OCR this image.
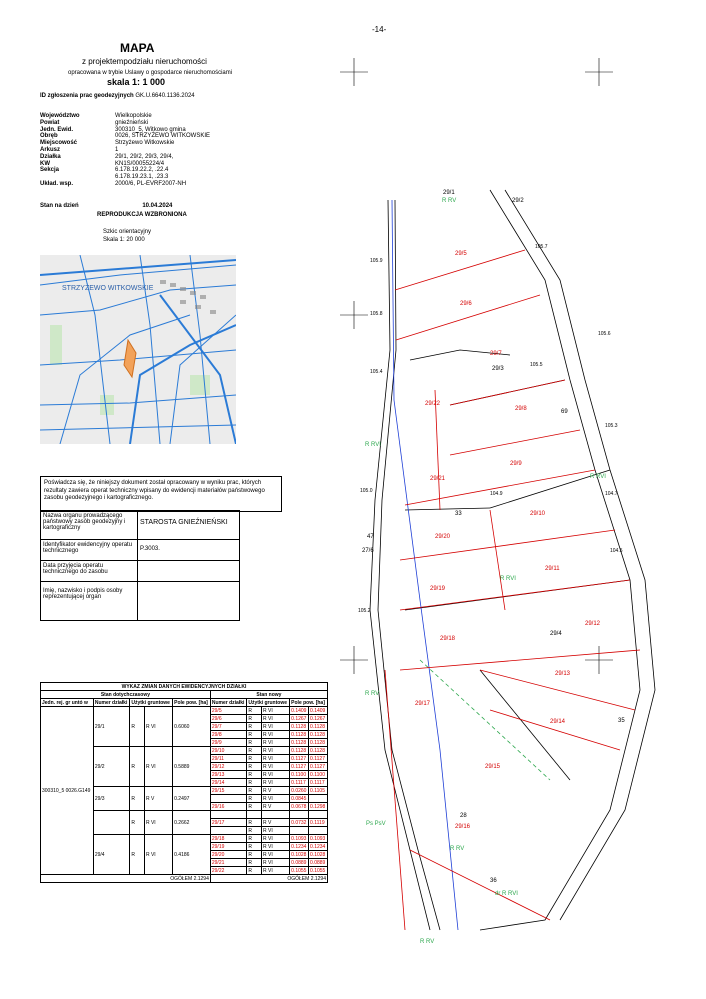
-14-
MAPA
z projektempodziału nieruchomości
opracowana w trybie Uslawy o gospodarce nieruchomościami
skala 1: 1 000
ID zgłoszenia prac geodezyjnych GK.U.6640.1136.2024
Województwo	Wielkopolskie
Powiat	gnieźnieński
Jedn. Ewid.	300310_5, Witkowo gmina
Obręb	0026, STRZYŻEWO WITKOWSKIE
Miejscowość	Strzyżewo Witkowskie
Arkusz	1
Działka	29/1, 29/2, 29/3, 29/4,
KW	KN1S/00055224/4
Sekcja	6.178.19.22.2, .22.4
6.178.19.23.1, .23.3
Układ. wsp.	2000/6, PL-EVRF2007-NH
Stan na dzień	10.04.2024
REPRODUKCJA WZBRONIONA
Szkic orientacyjny
Skala 1: 20 000
STRZYŻEWO WITKOWSKIE
Poświadcza się, że niniejszy dokument został opracowany w wyniku prac, których rezultaty zawiera operat techniczny wpisany do ewidencji materiałów państwowego zasobu geodezyjnego i kartograficznego.
Nazwa organu prowadzącego państwowy zasób geodezyjny i kartograficzny
STAROSTA GNIEŹNIEŃSKI
Identyfikator ewidencyjny operatu technicznego	P.3003.
Data przyjęcia operatu technicznego do zasobu
Imię, nazwisko i podpis osoby reprezentującej organ
WYKAZ ZMIAN DANYCH EWIDENCYJNYCH DZIAŁKI									
Stan dotychczasowy					Stan nowy				
Jedn. rej. gr untó w	Numer działki	Użytki gruntowe		Pole pow. [ha]	Numer działki	Użytki gruntowe		Pole pow. [ha]	
300310_5 0026.G149	29/1	R	R VI	0.6060	29/5	R	R VI	0.1409	0.1409
					29/6	R	R VI	0.1267	0.1267
					29/7	R	R VI	0.1128	0.1128
					29/8	R	R VI	0.1128	0.1128
					29/9	R	R VI	0.1128	0.1128
	29/2	R	R VI	0.5889	29/10	R	R VI	0.1128	0.1128
					29/11	R	R VI	0.1127	0.1127
					29/12	R	R VI	0.1127	0.1127
					29/13	R	R VI	0.1100	0.1100
					29/14	R	R VI	0.1117	0.1117
	29/3	R	R V	0.2497	29/15	R	R V	0.0260	0.1105
						R	R VI	0.0845	
					29/16	R	R V	0.0678	0.1298
		R	R VI	0.2662					
					29/17	R	R V	0.0732	0.1119
						R	R VI		
	29/4	R	R VI	0.4186	29/18	R	R VI	0.1093	0.1093
					29/19	R	R VI	0.1234	0.1234
					29/20	R	R VI	0.1028	0.1028
					29/21	R	R VI	0.0889	0.0889
					29/22	R	R VI	0.1055	0.1055
OGÓŁEM 2.1294					OGÓŁEM 2.1294				
29/5
29/6
29/7
29/8
29/9
29/10
29/11
29/12
29/13
29/14
29/15
29/16
29/17
29/18
29/19
29/20
29/21
29/22
29/1
29/2
29/3
29/4
28
33
69
47
27/6
35
36
R RV
R RVI
R RVI
R RVI
R RV
Ps PsV
R RV
R RV
dr R RVI
105.9
105.7
105.8
105.6
105.4
105.5
105.3
105.0	104.9	104.7
104.5
105.2
